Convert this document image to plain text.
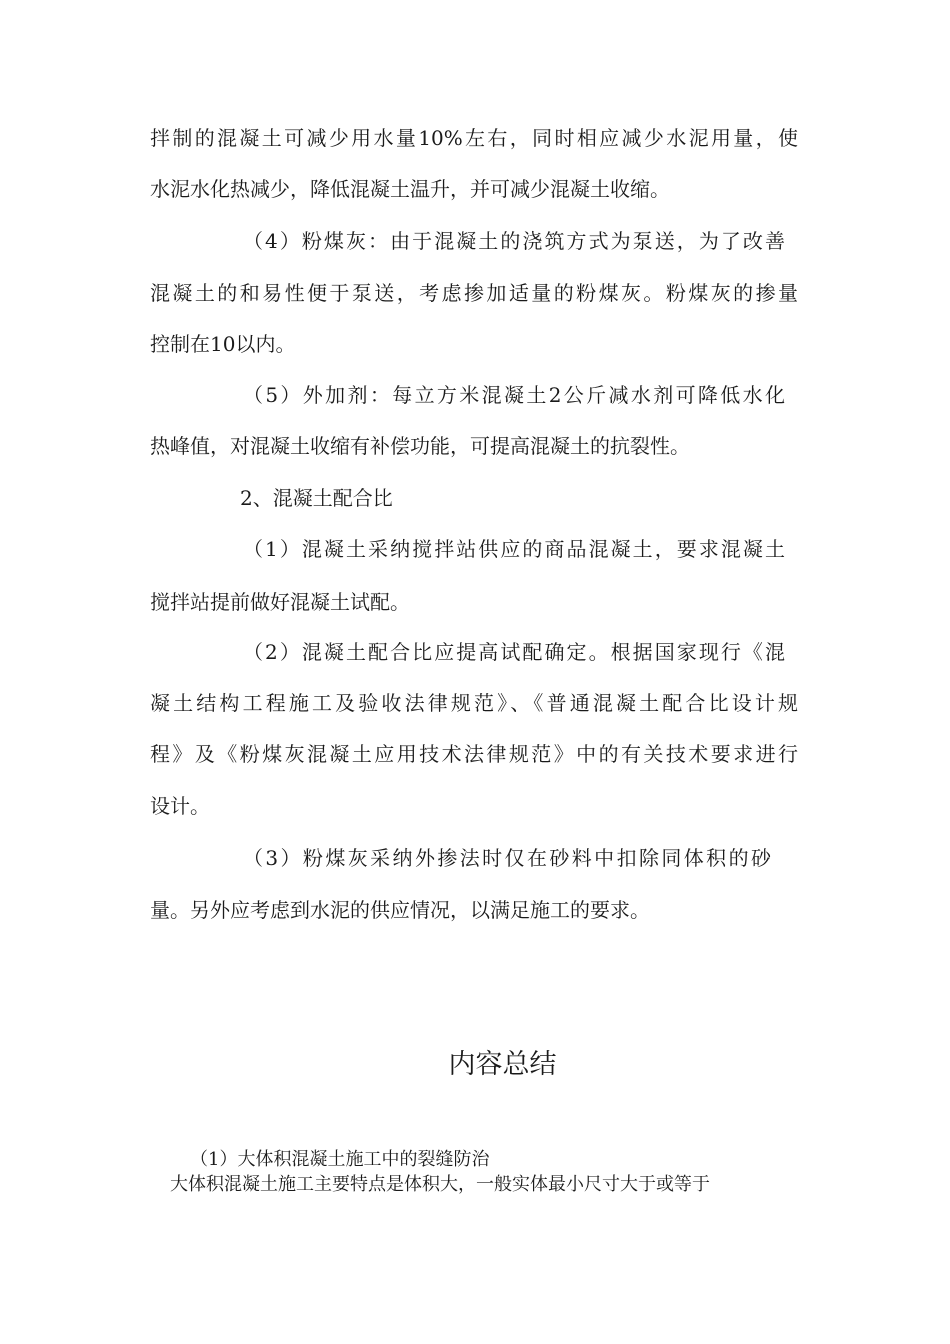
拌制的混凝土可减少用水量10%左右，同时相应减少水泥用量，使

水泥水化热减少，降低混凝土温升，并可减少混凝土收缩。

（4）粉煤灰：由于混凝土的浇筑方式为泵送，为了改善

混凝土的和易性便于泵送，考虑掺加适量的粉煤灰。粉煤灰的掺量

控制在10以内。

（5）外加剂：每立方米混凝土2公斤减水剂可降低水化

热峰值，对混凝土收缩有补偿功能，可提高混凝土的抗裂性。

2、混凝土配合比

（1）混凝土采纳搅拌站供应的商品混凝土，要求混凝土

搅拌站提前做好混凝土试配。

（2）混凝土配合比应提高试配确定。根据国家现行《混

凝土结构工程施工及验收法律规范》、《普通混凝土配合比设计规

程》及《粉煤灰混凝土应用技术法律规范》中的有关技术要求进行

设计。

（3）粉煤灰采纳外掺法时仅在砂料中扣除同体积的砂

量。另外应考虑到水泥的供应情况，以满足施工的要求。

内容总结

（1）大体积混凝土施工中的裂缝防治

大体积混凝土施工主要特点是体积大，一般实体最小尺寸大于或等于
